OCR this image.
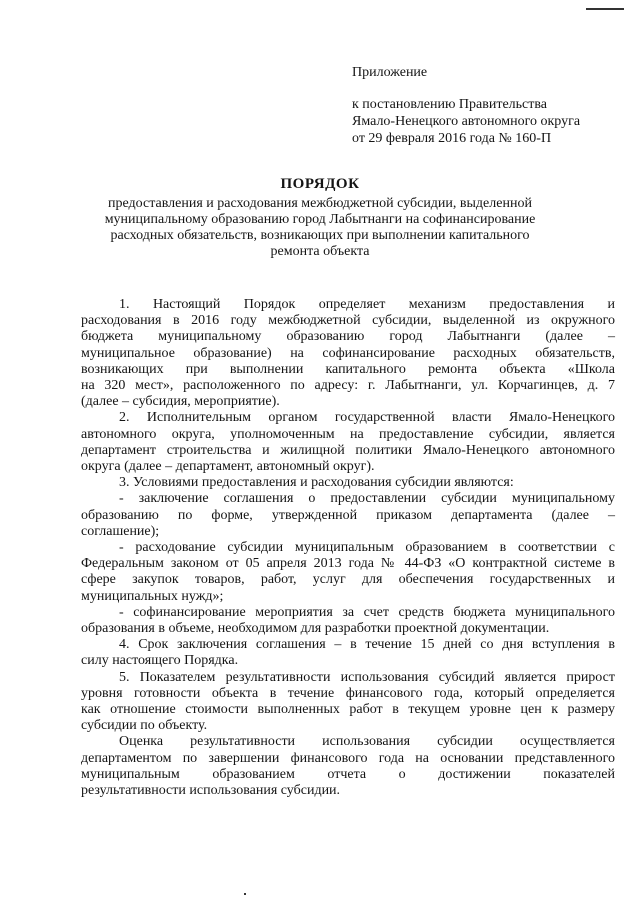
Приложение
к постановлению Правительства
Ямало-Ненецкого автономного округа
от 29 февраля 2016 года № 160-П
ПОРЯДОК
предоставления и расходования межбюджетной субсидии, выделенной
муниципальному образованию город Лабытнанги на софинансирование
расходных обязательств, возникающих при выполнении капитального
ремонта объекта
1. Настоящий Порядок определяет механизм предоставления и
расходования в 2016 году межбюджетной субсидии, выделенной из окружного
бюджета муниципальному образованию город Лабытнанги (далее –
муниципальное образование) на софинансирование расходных обязательств,
возникающих при выполнении капитального ремонта объекта «Школа
на 320 мест», расположенного по адресу: г. Лабытнанги, ул. Корчагинцев, д. 7
(далее – субсидия, мероприятие).
2. Исполнительным органом государственной власти Ямало-Ненецкого
автономного округа, уполномоченным на предоставление субсидии, является
департамент строительства и жилищной политики Ямало-Ненецкого автономного
округа (далее – департамент, автономный округ).
3. Условиями предоставления и расходования субсидии являются:
- заключение соглашения о предоставлении субсидии муниципальному
образованию по форме, утвержденной приказом департамента (далее –
соглашение);
- расходование субсидии муниципальным образованием в соответствии с
Федеральным законом от 05 апреля 2013 года № 44-ФЗ «О контрактной системе в
сфере закупок товаров, работ, услуг для обеспечения государственных и
муниципальных нужд»;
- софинансирование мероприятия за счет средств бюджета муниципального
образования в объеме, необходимом для разработки проектной документации.
4. Срок заключения соглашения – в течение 15 дней со дня вступления в
силу настоящего Порядка.
5. Показателем результативности использования субсидий является прирост
уровня готовности объекта в течение финансового года, который определяется
как отношение стоимости выполненных работ в текущем уровне цен к размеру
субсидии по объекту.
Оценка результативности использования субсидии осуществляется
департаментом по завершении финансового года на основании представленного
муниципальным образованием отчета о достижении показателей
результативности использования субсидии.
